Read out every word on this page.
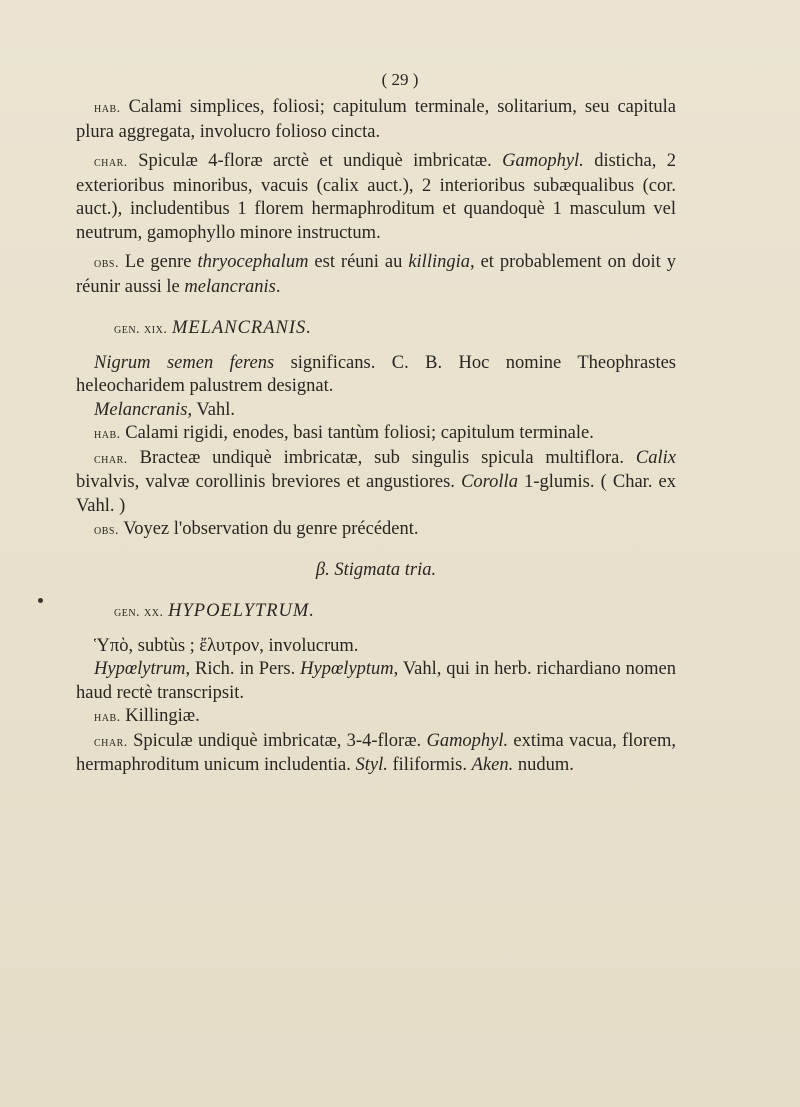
( 29 )

hab. Calami simplices, foliosi; capitulum terminale, solitarium, seu capitula plura aggregata, involucro folioso cincta.

char. Spiculæ 4-floræ arctè et undiquè imbricatæ. Gamophyl. disticha, 2 exterioribus minoribus, vacuis (calix auct.), 2 interioribus subæqualibus (cor. auct.), includentibus 1 florem hermaphroditum et quandoquè 1 masculum vel neutrum, gamophyllo minore instructum.

obs. Le genre thryocephalum est réuni au killingia, et probablement on doit y réunir aussi le melancranis.

gen. xix. MELANCRANIS.

Nigrum semen ferens significans. C. B. Hoc nomine Theophrastes heleocharidem palustrem designat.

Melancranis, Vahl.

hab. Calami rigidi, enodes, basi tantùm foliosi; capitulum terminale.

char. Bracteæ undiquè imbricatæ, sub singulis spicula multiflora. Calix bivalvis, valvæ corollinis breviores et angustiores. Corolla 1-glumis. ( Char. ex Vahl. )

obs. Voyez l'observation du genre précédent.

β. Stigmata tria.

gen. xx. HYPOELYTRUM.

Ὑπὸ, subtùs ; ἔλυτρον, involucrum.

Hypœlytrum, Rich. in Pers. Hypœlyptum, Vahl, qui in herb. richardiano nomen haud rectè transcripsit.

hab. Killingiæ.

char. Spiculæ undiquè imbricatæ, 3-4-floræ. Gamophyl. extima vacua, florem, hermaphroditum unicum includentia. Styl. filiformis. Aken. nudum.
